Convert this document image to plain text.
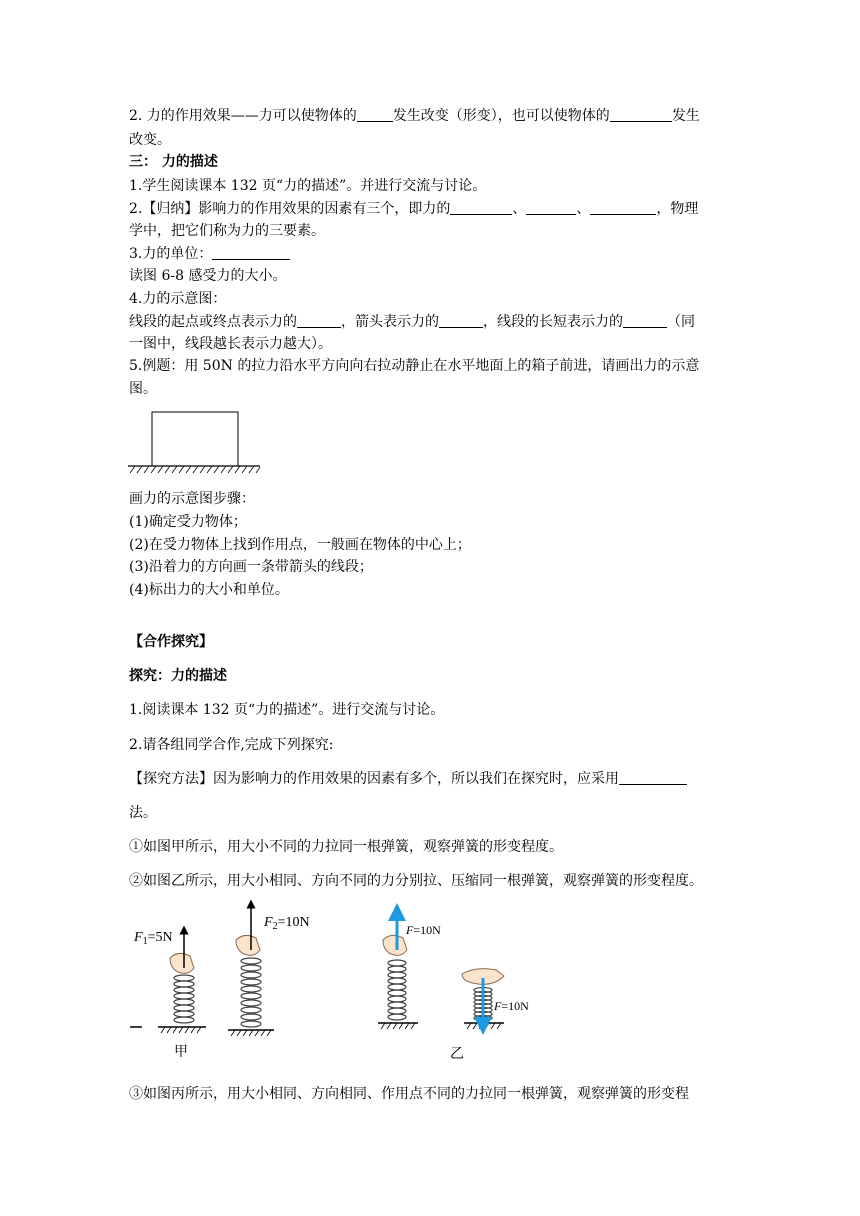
2. 力的作用效果——力可以使物体的	发生改变（形变），也可以使物体的	发生
改变。
三： 力的描述
1.学生阅读课本 132 页“力的描述”。并进行交流与讨论。
2.【归纳】影响力的作用效果的因素有三个，即力的	、	、	，物理
学中，把它们称为力的三要素。
3.力的单位：
读图 6-8 感受力的大小。
4.力的示意图：
线段的起点或终点表示力的	，箭头表示力的	，线段的长短表示力的	（同
一图中，线段越长表示力越大）。
5.例题：用 50N 的拉力沿水平方向向右拉动静止在水平地面上的箱子前进，请画出力的示意
图。
画力的示意图步骤：
(1)确定受力物体；
(2)在受力物体上找到作用点，一般画在物体的中心上；
(3)沿着力的方向画一条带箭头的线段；
(4)标出力的大小和单位。
【合作探究】
探究：力的描述
1.阅读课本 132 页“力的描述”。进行交流与讨论。
2.请各组同学合作,完成下列探究:
【探究方法】因为影响力的作用效果的因素有多个，所以我们在探究时，应采用
法。
①如图甲所示，用大小不同的力拉同一根弹簧，观察弹簧的形变程度。
②如图乙所示，用大小相同、方向不同的力分别拉、压缩同一根弹簧，观察弹簧的形变程度。
$F_1=5N$
$F_2=10N$	F=10N
F=10N
甲	乙
③如图丙所示，用大小相同、方向相同、作用点不同的力拉同一根弹簧，观察弹簧的形变程
